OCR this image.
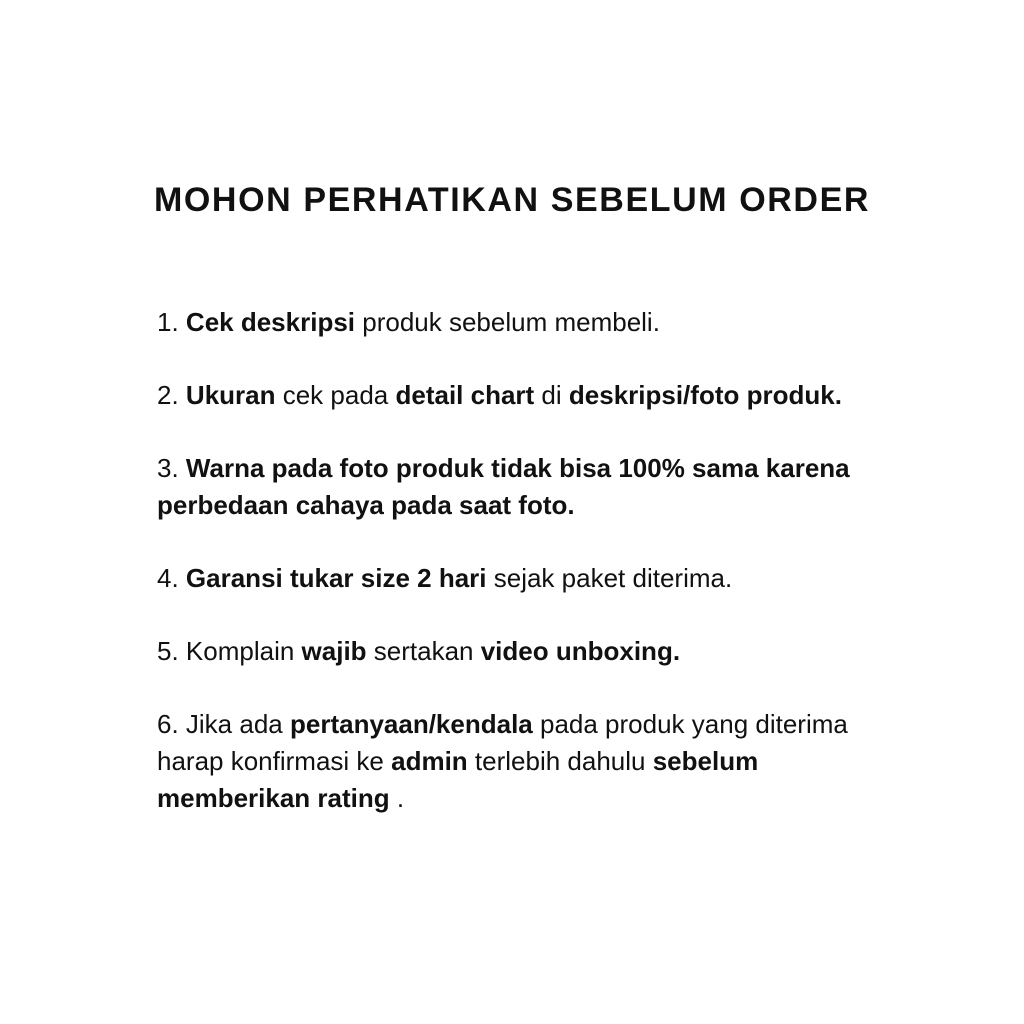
MOHON PERHATIKAN SEBELUM ORDER

1. Cek deskripsi produk sebelum membeli.

2. Ukuran cek pada detail chart di deskripsi/foto produk.

3. Warna pada foto produk tidak bisa 100% sama karena perbedaan cahaya pada saat foto.

4. Garansi tukar size 2 hari sejak paket diterima.

5. Komplain wajib sertakan video unboxing.

6. Jika ada pertanyaan/kendala pada produk yang diterima harap konfirmasi ke admin terlebih dahulu sebelum memberikan rating .
